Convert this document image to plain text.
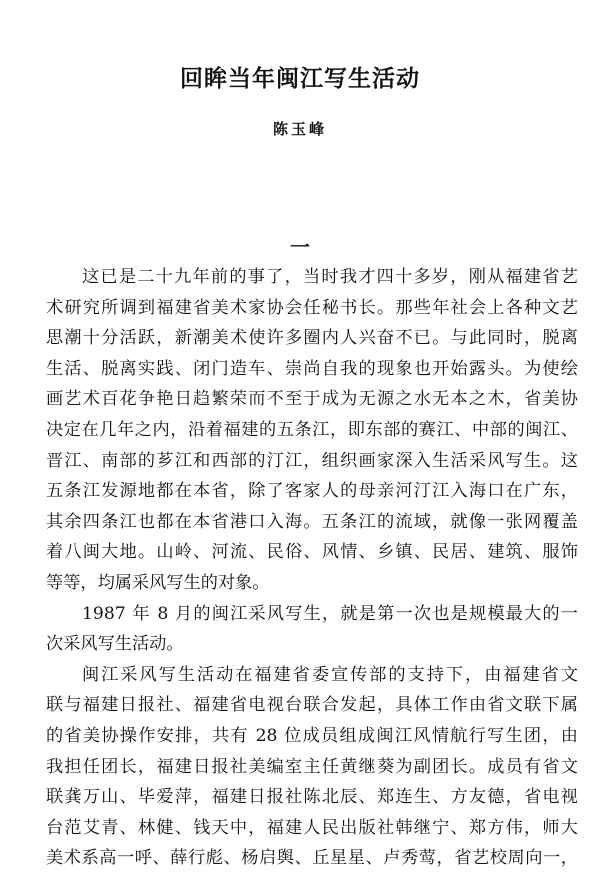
回眸当年闽江写生活动
陈玉峰
一
这已是二十九年前的事了，当时我才四十多岁，刚从福建省艺
术研究所调到福建省美术家协会任秘书长。那些年社会上各种文艺
思潮十分活跃，新潮美术使许多圈内人兴奋不已。与此同时，脱离
生活、脱离实践、闭门造车、崇尚自我的现象也开始露头。为使绘
画艺术百花争艳日趋繁荣而不至于成为无源之水无本之木，省美协
决定在几年之内，沿着福建的五条江，即东部的赛江、中部的闽江、
晋江、南部的芗江和西部的汀江，组织画家深入生活采风写生。这
五条江发源地都在本省，除了客家人的母亲河汀江入海口在广东，
其余四条江也都在本省港口入海。五条江的流域，就像一张网覆盖
着八闽大地。山岭、河流、民俗、风情、乡镇、民居、建筑、服饰
等等，均属采风写生的对象。
1987 年 8 月的闽江采风写生，就是第一次也是规模最大的一
次采风写生活动。
闽江采风写生活动在福建省委宣传部的支持下，由福建省文
联与福建日报社、福建省电视台联合发起，具体工作由省文联下属
的省美协操作安排，共有 28 位成员组成闽江风情航行写生团，由
我担任团长，福建日报社美编室主任黄继葵为副团长。成员有省文
联龚万山、毕爱萍，福建日报社陈北辰、郑连生、方友德，省电视
台范艾青、林健、钱天中，福建人民出版社韩继宁、郑方伟，师大
美术系高一呼、薛行彪、杨启舆、丘星星、卢秀莺，省艺校周向一，
